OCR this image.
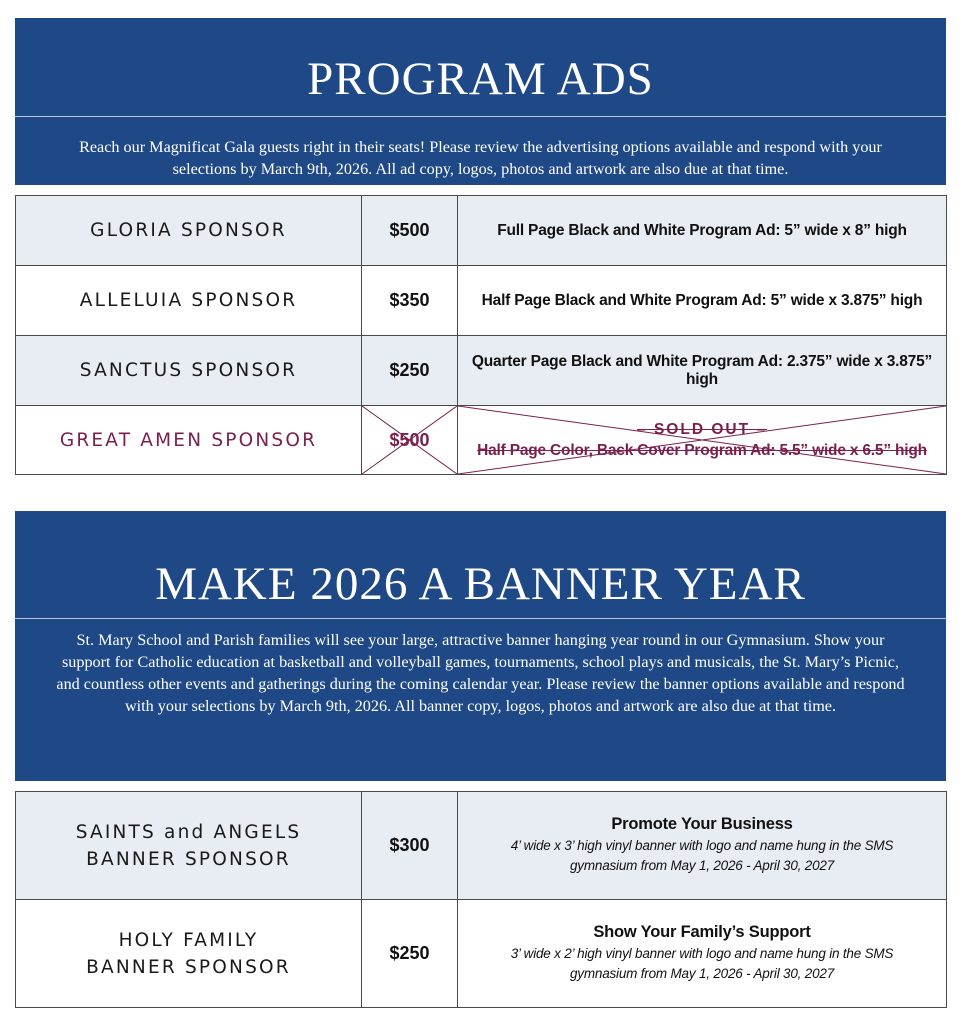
PROGRAM ADS
Reach our Magnificat Gala guests right in their seats! Please review the advertising options available and respond with your selections by March 9th, 2026. All ad copy, logos, photos and artwork are also due at that time.
GLORIA SPONSOR	$500	Full Page Black and White Program Ad: 5” wide x 8” high
ALLELUIA SPONSOR	$350	Half Page Black and White Program Ad: 5” wide x 3.875” high
SANCTUS SPONSOR	$250	Quarter Page Black and White Program Ad: 2.375” wide x 3.875” high
GREAT AMEN SPONSOR	$500	– SOLD OUT –
Half Page Color, Back Cover Program Ad: 5.5” wide x 6.5” high
MAKE 2026 A BANNER YEAR
St. Mary School and Parish families will see your large, attractive banner hanging year round in our Gymnasium. Show your support for Catholic education at basketball and volleyball games, tournaments, school plays and musicals, the St. Mary’s Picnic, and countless other events and gatherings during the coming calendar year. Please review the banner options available and respond with your selections by March 9th, 2026. All banner copy, logos, photos and artwork are also due at that time.
SAINTS and ANGELS
BANNER SPONSOR	$300	Promote Your Business
4’ wide x 3’ high vinyl banner with logo and name hung in the SMS gymnasium from May 1, 2026 - April 30, 2027

HOLY FAMILY
BANNER SPONSOR	$250	Show Your Family’s Support
3’ wide x 2’ high vinyl banner with logo and name hung in the SMS gymnasium from May 1, 2026 - April 30, 2027
